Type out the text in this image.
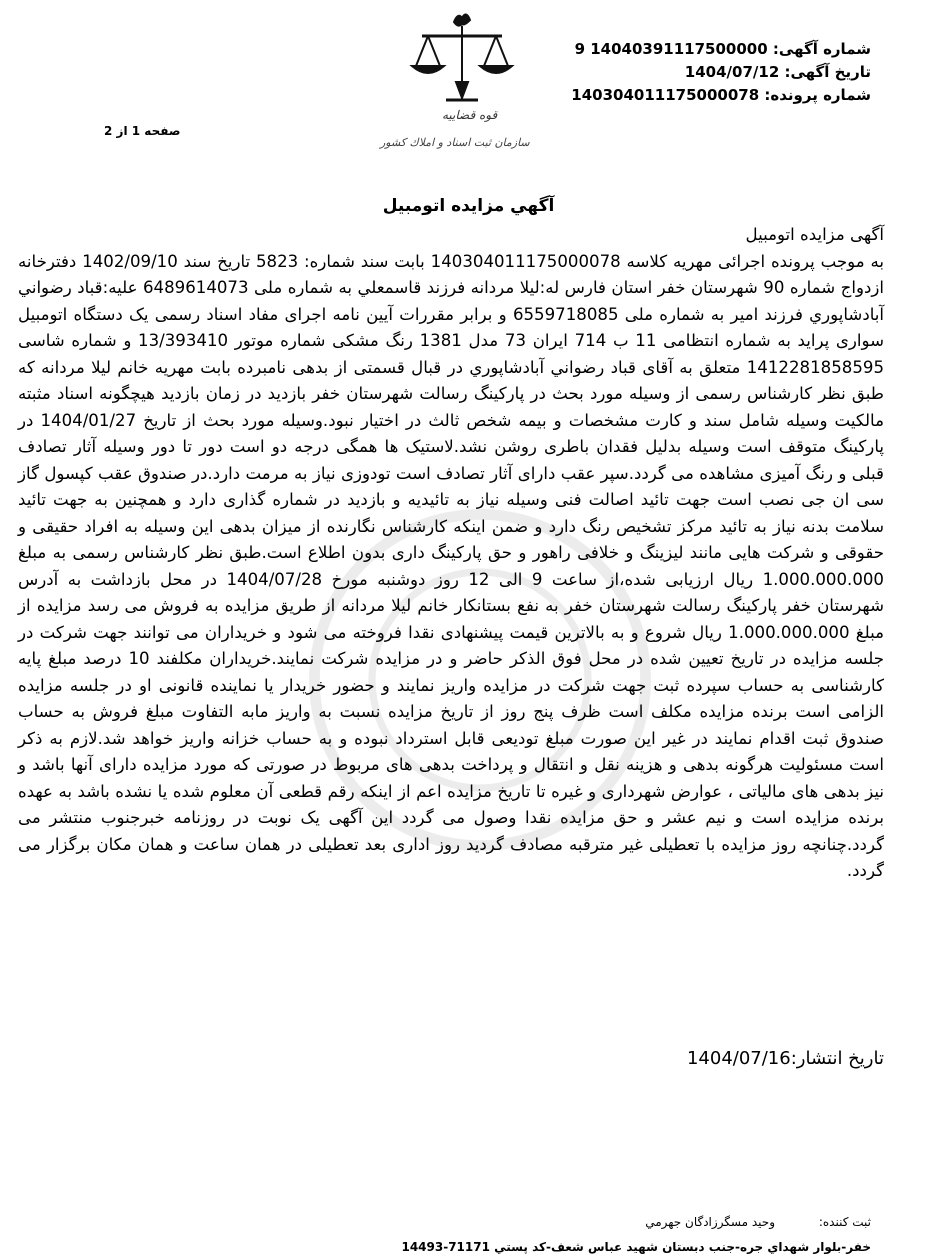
شماره آگهی: 14040391117500000 9
تاریخ آگهی: 1404/07/12
شماره پرونده: 140304011175000078
قوه قضاييه
سازمان ثبت اسناد و املاك كشور
صفحه 1 از 2
آگهي مزايده اتومبيل

آگهی مزایده اتومبیل
به موجب پرونده اجرائی مهریه کلاسه 140304011175000078 بابت سند شماره: 5823 تاریخ سند 1402/09/10 دفترخانه ازدواج شماره 90 شهرستان خفر استان فارس له:لیلا مردانه فرزند قاسمعلي به شماره ملی 6489614073 علیه:قباد رضواني آبادشاپوري فرزند امیر به شماره ملی 6559718085 و برابر مقررات آیین نامه اجرای مفاد اسناد رسمی یک دستگاه اتومبیل سواری پراید به شماره انتظامی 11 ب 714 ایران 73 مدل 1381 رنگ مشکی شماره موتور 13/393410 و شماره شاسی 1412281858595 متعلق به آقای قباد رضواني آبادشاپوري در قبال قسمتی از بدهی نامبرده بابت مهریه خانم لیلا مردانه که طبق نظر کارشناس رسمی از وسیله مورد بحث در پارکینگ رسالت شهرستان خفر بازدید در زمان بازدید هیچگونه اسناد مثبته مالکیت وسیله شامل سند و کارت مشخصات و بیمه شخص ثالث در اختیار نبود.وسیله مورد بحث از تاریخ 1404/01/27 در پارکینگ متوقف است وسیله بدلیل فقدان باطری روشن نشد.لاستیک ها همگی درجه دو است دور تا دور وسیله آثار تصادف قبلی و رنگ آمیزی مشاهده می گردد.سپر عقب دارای آثار تصادف است تودوزی نیاز به مرمت دارد.در صندوق عقب کپسول گاز سی ان جی نصب است جهت تائید اصالت فنی وسیله نیاز به تائیدیه و بازدید در شماره گذاری دارد و همچنین به جهت تائید سلامت بدنه نیاز به تائید مرکز تشخیص رنگ دارد و ضمن اینکه کارشناس نگارنده از میزان بدهی این وسیله به افراد حقیقی و حقوقی و شرکت هایی مانند لیزینگ و خلافی راهور و حق پارکینگ داری بدون اطلاع است.طبق نظر کارشناس رسمی به مبلغ 1.000.000.000 ریال ارزیابی شده،از ساعت 9 الی 12 روز دوشنبه مورخ 1404/07/28 در محل بازداشت به آدرس شهرستان خفر پارکینگ رسالت شهرستان خفر به نفع بستانکار خانم لیلا مردانه از طریق مزایده به فروش می رسد مزایده از مبلغ 1.000.000.000 ریال شروع و به بالاترین قیمت پیشنهادی نقدا فروخته می شود و خریداران می توانند جهت شرکت در جلسه مزایده در تاریخ تعیین شده در محل فوق الذکر حاضر و در مزایده شرکت نمایند.خریداران مکلفند 10 درصد مبلغ پایه کارشناسی به حساب سپرده ثبت جهت شرکت در مزایده واریز نمایند و حضور خریدار یا نماینده قانونی او در جلسه مزایده الزامی است برنده مزایده مکلف است ظرف پنج روز از تاریخ مزایده نسبت به واریز مابه التفاوت مبلغ فروش به حساب صندوق ثبت اقدام نمایند در غیر این صورت مبلغ تودیعی قابل استرداد نبوده و به حساب خزانه واریز خواهد شد.لازم به ذکر است مسئولیت هرگونه بدهی و هزینه نقل و انتقال و پرداخت بدهی های مربوط در صورتی که مورد مزایده دارای آنها باشد و نیز بدهی های مالیاتی ، عوارض شهرداری و غیره تا تاریخ مزایده اعم از اینکه رقم قطعی آن معلوم شده یا نشده باشد به عهده برنده مزایده است و نیم عشر و حق مزایده نقدا وصول می گردد این آگهی یک نوبت در روزنامه خبرجنوب منتشر می گردد.چنانچه روز مزایده با تعطیلی غیر مترقبه مصادف گردید روز اداری بعد تعطیلی در همان ساعت و همان مکان برگزار می گردد.

تاریخ انتشار:1404/07/16
ثبت کننده: وحيد مسگرزادگان جهرمي
خفر-بلوار شهداي جره-جنب دبستان شهيد عباس شعف-كد پستي 71171-14493
